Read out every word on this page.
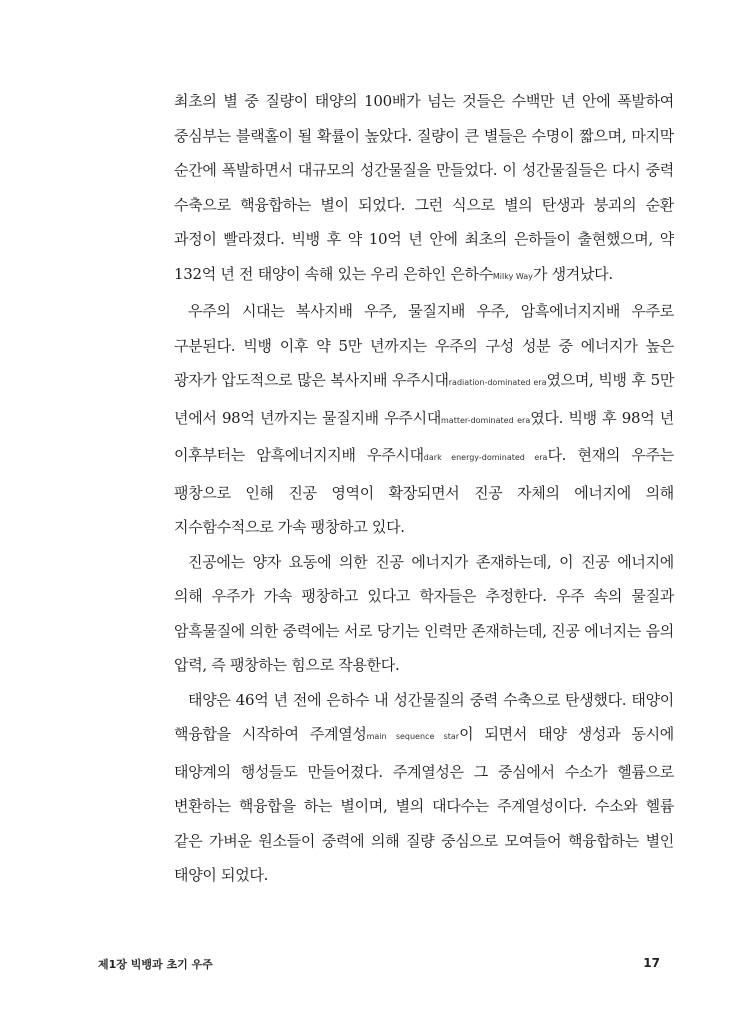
최초의 별 중 질량이 태양의 100배가 넘는 것들은 수백만 년 안에 폭발하여 중심부는 블랙홀이 될 확률이 높았다. 질량이 큰 별들은 수명이 짧으며, 마지막 순간에 폭발하면서 대규모의 성간물질을 만들었다. 이 성간물질들은 다시 중력 수축으로 핵융합하는 별이 되었다. 그런 식으로 별의 탄생과 붕괴의 순환 과정이 빨라졌다. 빅뱅 후 약 10억 년 안에 최초의 은하들이 출현했으며, 약 132억 년 전 태양이 속해 있는 우리 은하인 은하수Milky Way가 생겨났다.

우주의 시대는 복사지배 우주, 물질지배 우주, 암흑에너지지배 우주로 구분된다. 빅뱅 이후 약 5만 년까지는 우주의 구성 성분 중 에너지가 높은 광자가 압도적으로 많은 복사지배 우주시대radiation-dominated era였으며, 빅뱅 후 5만 년에서 98억 년까지는 물질지배 우주시대matter-dominated era였다. 빅뱅 후 98억 년 이후부터는 암흑에너지지배 우주시대dark energy-dominated era다. 현재의 우주는 팽창으로 인해 진공 영역이 확장되면서 진공 자체의 에너지에 의해 지수함수적으로 가속 팽창하고 있다.

진공에는 양자 요동에 의한 진공 에너지가 존재하는데, 이 진공 에너지에 의해 우주가 가속 팽창하고 있다고 학자들은 추정한다. 우주 속의 물질과 암흑물질에 의한 중력에는 서로 당기는 인력만 존재하는데, 진공 에너지는 음의 압력, 즉 팽창하는 힘으로 작용한다.

태양은 46억 년 전에 은하수 내 성간물질의 중력 수축으로 탄생했다. 태양이 핵융합을 시작하여 주계열성main sequence star이 되면서 태양 생성과 동시에 태양계의 행성들도 만들어졌다. 주계열성은 그 중심에서 수소가 헬륨으로 변환하는 핵융합을 하는 별이며, 별의 대다수는 주계열성이다. 수소와 헬륨 같은 가벼운 원소들이 중력에 의해 질량 중심으로 모여들어 핵융합하는 별인 태양이 되었다.

제1장 빅뱅과 초기 우주	17
